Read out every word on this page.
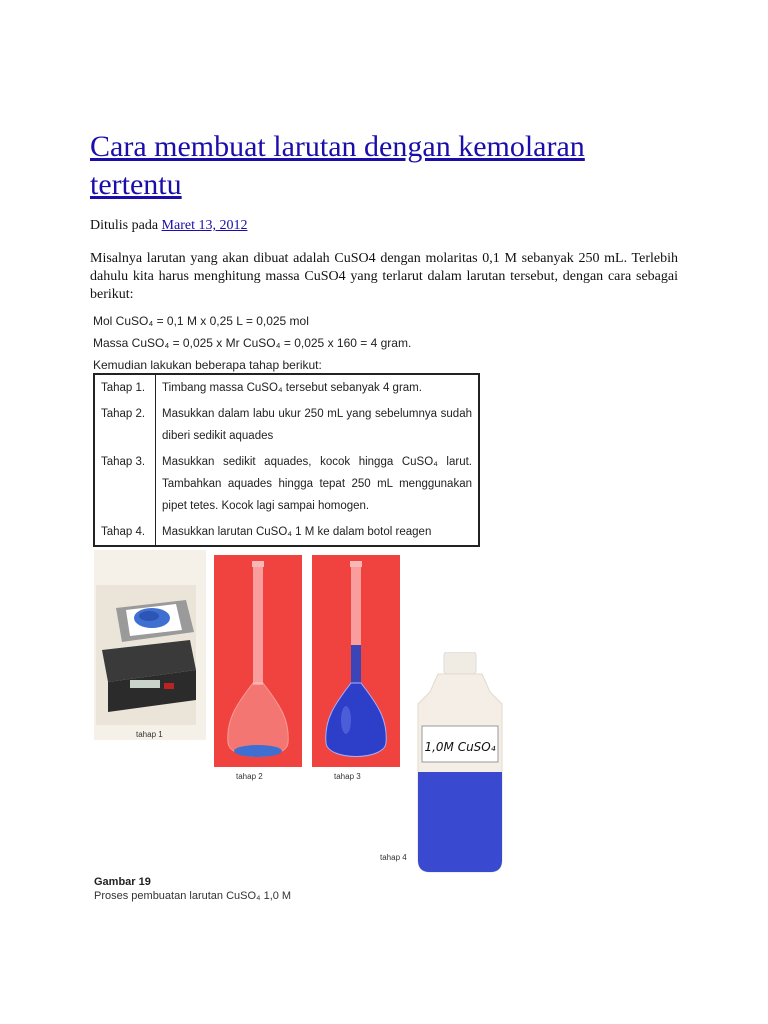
Cara membuat larutan dengan kemolaran tertentu
Ditulis pada Maret 13, 2012

Misalnya larutan yang akan dibuat adalah CuSO4 dengan molaritas 0,1 M sebanyak 250 mL. Terlebih dahulu kita harus menghitung massa CuSO4 yang terlarut dalam larutan tersebut, dengan cara sebagai berikut:

Mol CuSO₄ = 0,1 M x 0,25 L = 0,025 mol
Massa CuSO₄ = 0,025 x Mr CuSO₄ = 0,025 x 160 = 4 gram.
Kemudian lakukan beberapa tahap berikut:
Tahap 1.	Timbang massa CuSO₄ tersebut sebanyak 4 gram.
Tahap 2.	Masukkan dalam labu ukur 250 mL yang sebelumnya sudah diberi sedikit aquades
Tahap 3.	Masukkan sedikit aquades, kocok hingga CuSO₄ larut. Tambahkan aquades hingga tepat 250 mL menggunakan pipet tetes. Kocok lagi sampai homogen.
Tahap 4.	Masukkan larutan CuSO₄ 1 M ke dalam botol reagen
tahap 1
tahap 2	tahap 3
1,0M CuSO₄
tahap 4
Gambar 19
Proses pembuatan larutan CuSO₄ 1,0 M
